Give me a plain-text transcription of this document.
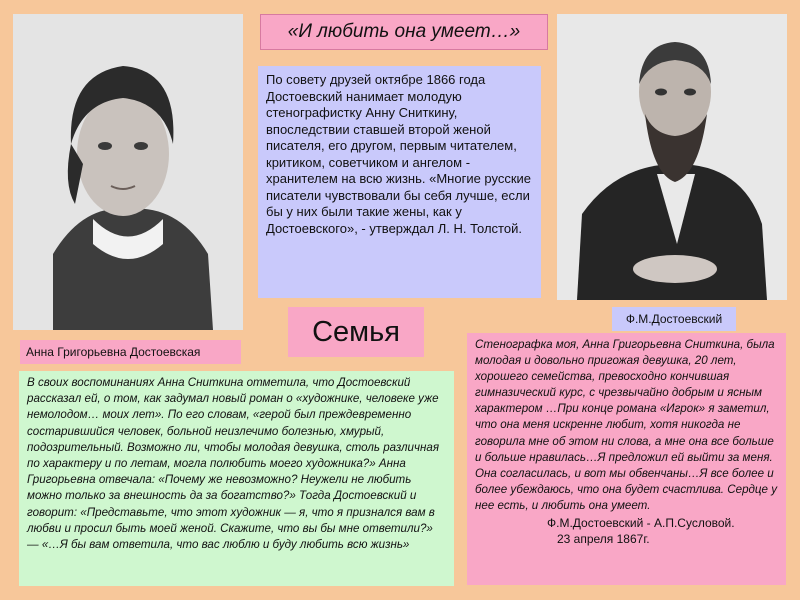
«И любить она умеет…»
По совету друзей октябре 1866 года Достоевский нанимает молодую стенографистку Анну Сниткину, впоследствии ставшей второй женой писателя, его другом, первым читателем, критиком, советчиком и ангелом - хранителем на всю жизнь. «Многие русские писатели чувствовали бы себя лучше, если бы у них были такие жены, как у Достоевского», - утверждал Л. Н. Толстой.
Семья
Анна Григорьевна Достоевская
Ф.М.Достоевский
В своих воспоминаниях Анна Сниткина отметила, что Достоевский рассказал ей, о том, как задумал новый роман о «художнике, человеке уже немолодом… моих лет». По его словам, «герой был преждевременно состарившийся человек, больной неизлечимо болезнью, хмурый, подозрительный. Возможно ли, чтобы молодая девушка, столь различная по характеру и по летам, могла полюбить моего художника?» Анна Григорьевна отвечала: «Почему же невозможно? Неужели не любить можно только за внешность да за богатство?» Тогда Достоевский и говорит: «Представьте, что этот художник — я, что я признался вам в любви и просил быть моей женой. Скажите, что вы бы мне ответили?» — «…Я бы вам ответила, что вас люблю и буду любить всю жизнь»
Стенографка моя, Анна Григорьевна Сниткина, была молодая и довольно пригожая девушка, 20 лет, хорошего семейства, превосходно кончившая гимназический курс, с чрезвычайно добрым и ясным характером …При конце романа «Игрок» я заметил, что она меня искренне любит, хотя никогда не говорила мне об этом ни слова, а мне она все больше и больше нравилась…Я предложил ей выйти за меня. Она согласилась, и вот мы обвенчаны…Я все более и более убеждаюсь, что она будет счастлива. Сердце у нее есть, и любить она умеет.
Ф.М.Достоевский - А.П.Сусловой.
23 апреля 1867г.
